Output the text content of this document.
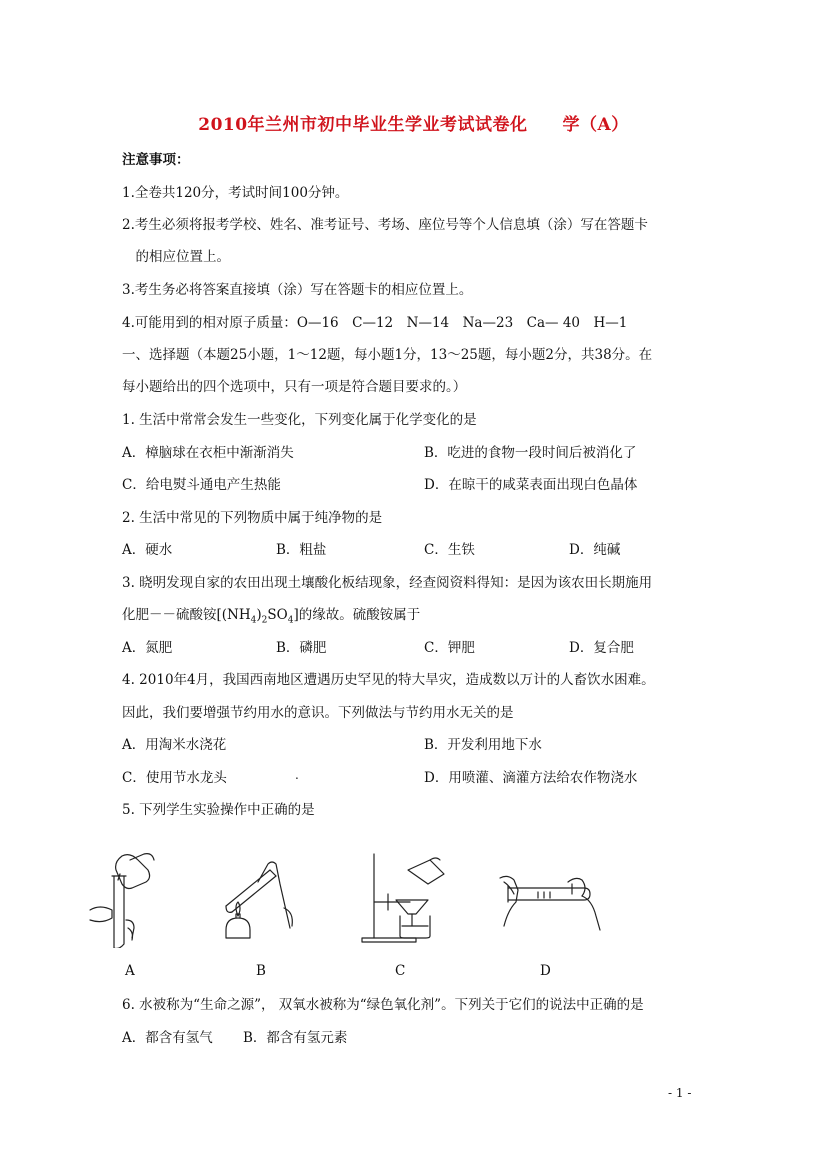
2010年兰州市初中毕业生学业考试试卷化　　学（A）
注意事项：
1.全卷共120分，考试时间100分钟。
2.考生必须将报考学校、姓名、准考证号、考场、座位号等个人信息填（涂）写在答题卡
　的相应位置上。
3.考生务必将答案直接填（涂）写在答题卡的相应位置上。
4.可能用到的相对原子质量：O—16　C—12　N—14　Na—23　Ca— 40　H—1
一、选择题（本题25小题，1～12题，每小题1分，13～25题，每小题2分，共38分。在
每小题给出的四个选项中，只有一项是符合题目要求的。）
1. 生活中常常会发生一些变化，下列变化属于化学变化的是
A．樟脑球在衣柜中渐渐消失	B．吃进的食物一段时间后被消化了
C．给电熨斗通电产生热能	D．在晾干的咸菜表面出现白色晶体
2. 生活中常见的下列物质中属于纯净物的是
A．硬水	B．粗盐	C．生铁	D．纯碱
3. 晓明发现自家的农田出现土壤酸化板结现象，经查阅资料得知：是因为该农田长期施用
化肥－－硫酸铵$[(NH_4)_2SO_4]$的缘故。硫酸铵属于
A．氮肥	B．磷肥	C．钾肥	D．复合肥
4. 2010年4月，我国西南地区遭遇历史罕见的特大旱灾，造成数以万计的人畜饮水困难。
因此，我们要增强节约用水的意识。下列做法与节约用水无关的是
A．用淘米水浇花	B．开发利用地下水
C．使用节水龙头	.	D．用喷灌、滴灌方法给农作物浇水
5. 下列学生实验操作中正确的是
A	B	C	D
6. 水被称为“生命之源”， 双氧水被称为“绿色氧化剂”。下列关于它们的说法中正确的是
A．都含有氢气 B．都含有氢元素
- 1 -
